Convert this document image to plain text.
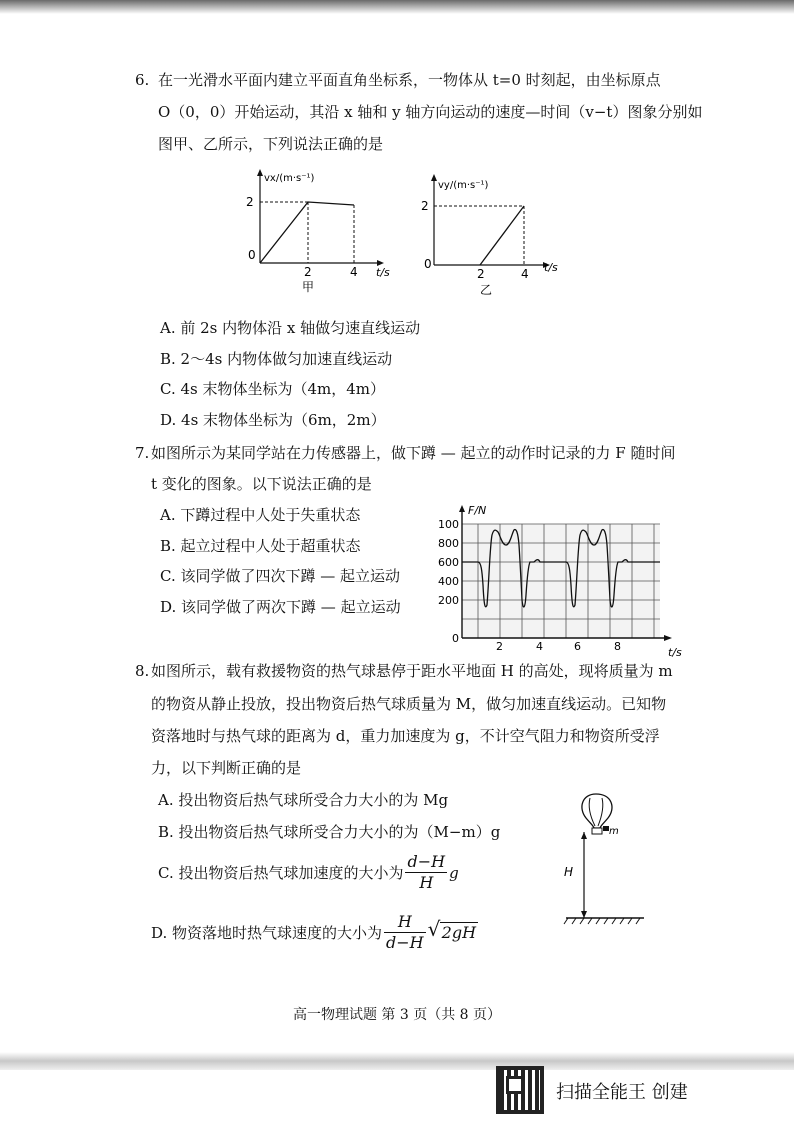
6. 在一光滑水平面内建立平面直角坐标系，一物体从 t=0 时刻起，由坐标原点
O（0，0）开始运动，其沿 x 轴和 y 轴方向运动的速度—时间（v−t）图象分别如
图甲、乙所示，下列说法正确的是
vx/(m·s⁻¹)
2
0
2	4 t/s
甲
vy/(m·s⁻¹)
2
0
2	4 t/s
乙
A. 前 2s 内物体沿 x 轴做匀速直线运动
B. 2～4s 内物体做匀加速直线运动
C. 4s 末物体坐标为（4m，4m）
D. 4s 末物体坐标为（6m，2m）
7. 如图所示为某同学站在力传感器上，做下蹲 — 起立的动作时记录的力 F 随时间
t 变化的图象。以下说法正确的是
A. 下蹲过程中人处于失重状态
B. 起立过程中人处于超重状态
C. 该同学做了四次下蹲 — 起立运动
D. 该同学做了两次下蹲 — 起立运动
F/N
100
800
600
400
200
0
2	4	6	8	t/s
8. 如图所示，载有救援物资的热气球悬停于距水平地面 H 的高处，现将质量为 m
的物资从静止投放，投出物资后热气球质量为 M，做匀加速直线运动。已知物
资落地时与热气球的距离为 d，重力加速度为 g，不计空气阻力和物资所受浮
力，以下判断正确的是
A. 投出物资后热气球所受合力大小的为 Mg
B. 投出物资后热气球所受合力大小的为（M−m）g
C. 投出物资后热气球加速度的大小为 $\frac{d-H}{H}$ g
D. 物资落地时热气球速度的大小为 $\frac{H}{d-H}$
√ 2gH
m
H
高一物理试题 第 3 页（共 8 页）
扫描全能王 创建
